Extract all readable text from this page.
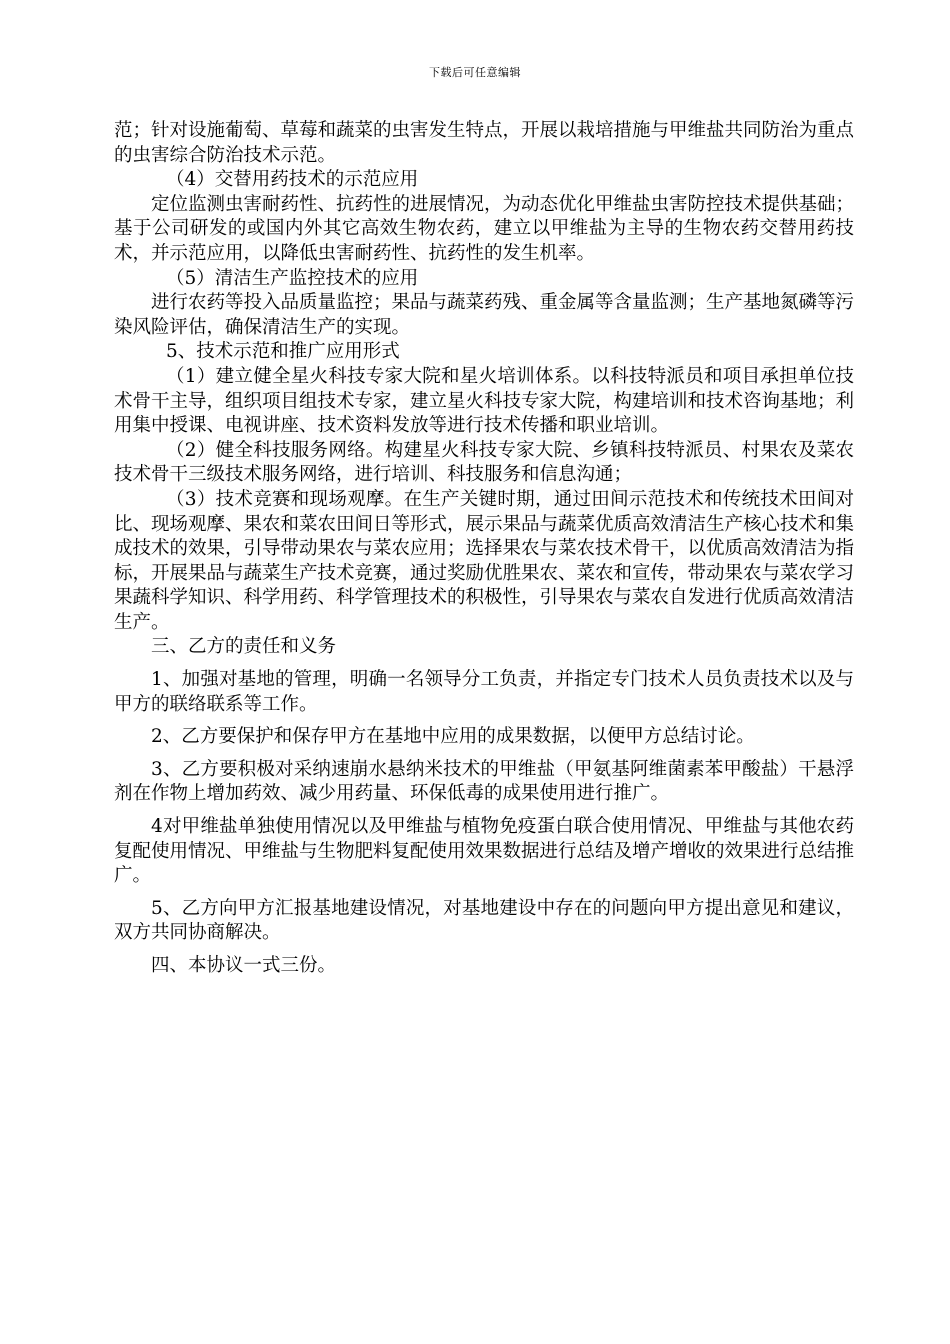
下载后可任意编辑

范；针对设施葡萄、草莓和蔬菜的虫害发生特点，开展以栽培措施与甲维盐共同防治为重点的虫害综合防治技术示范。

（4）交替用药技术的示范应用

定位监测虫害耐药性、抗药性的进展情况，为动态优化甲维盐虫害防控技术提供基础；基于公司研发的或国内外其它高效生物农药，建立以甲维盐为主导的生物农药交替用药技术，并示范应用，以降低虫害耐药性、抗药性的发生机率。

（5）清洁生产监控技术的应用

进行农药等投入品质量监控；果品与蔬菜药残、重金属等含量监测；生产基地氮磷等污染风险评估，确保清洁生产的实现。

5、技术示范和推广应用形式

（1）建立健全星火科技专家大院和星火培训体系。以科技特派员和项目承担单位技术骨干主导，组织项目组技术专家，建立星火科技专家大院，构建培训和技术咨询基地；利用集中授课、电视讲座、技术资料发放等进行技术传播和职业培训。

（2）健全科技服务网络。构建星火科技专家大院、乡镇科技特派员、村果农及菜农技术骨干三级技术服务网络，进行培训、科技服务和信息沟通；

（3）技术竞赛和现场观摩。在生产关键时期，通过田间示范技术和传统技术田间对比、现场观摩、果农和菜农田间日等形式，展示果品与蔬菜优质高效清洁生产核心技术和集成技术的效果，引导带动果农与菜农应用；选择果农与菜农技术骨干，以优质高效清洁为指标，开展果品与蔬菜生产技术竞赛，通过奖励优胜果农、菜农和宣传，带动果农与菜农学习果蔬科学知识、科学用药、科学管理技术的积极性，引导果农与菜农自发进行优质高效清洁生产。

三、乙方的责任和义务

1、加强对基地的管理，明确一名领导分工负责，并指定专门技术人员负责技术以及与甲方的联络联系等工作。

2、乙方要保护和保存甲方在基地中应用的成果数据，以便甲方总结讨论。

3、乙方要积极对采纳速崩水悬纳米技术的甲维盐（甲氨基阿维菌素苯甲酸盐）干悬浮剂在作物上增加药效、减少用药量、环保低毒的成果使用进行推广。

4对甲维盐单独使用情况以及甲维盐与植物免疫蛋白联合使用情况、甲维盐与其他农药复配使用情况、甲维盐与生物肥料复配使用效果数据进行总结及增产增收的效果进行总结推广。

5、乙方向甲方汇报基地建设情况，对基地建设中存在的问题向甲方提出意见和建议，双方共同协商解决。

四、本协议一式三份。
